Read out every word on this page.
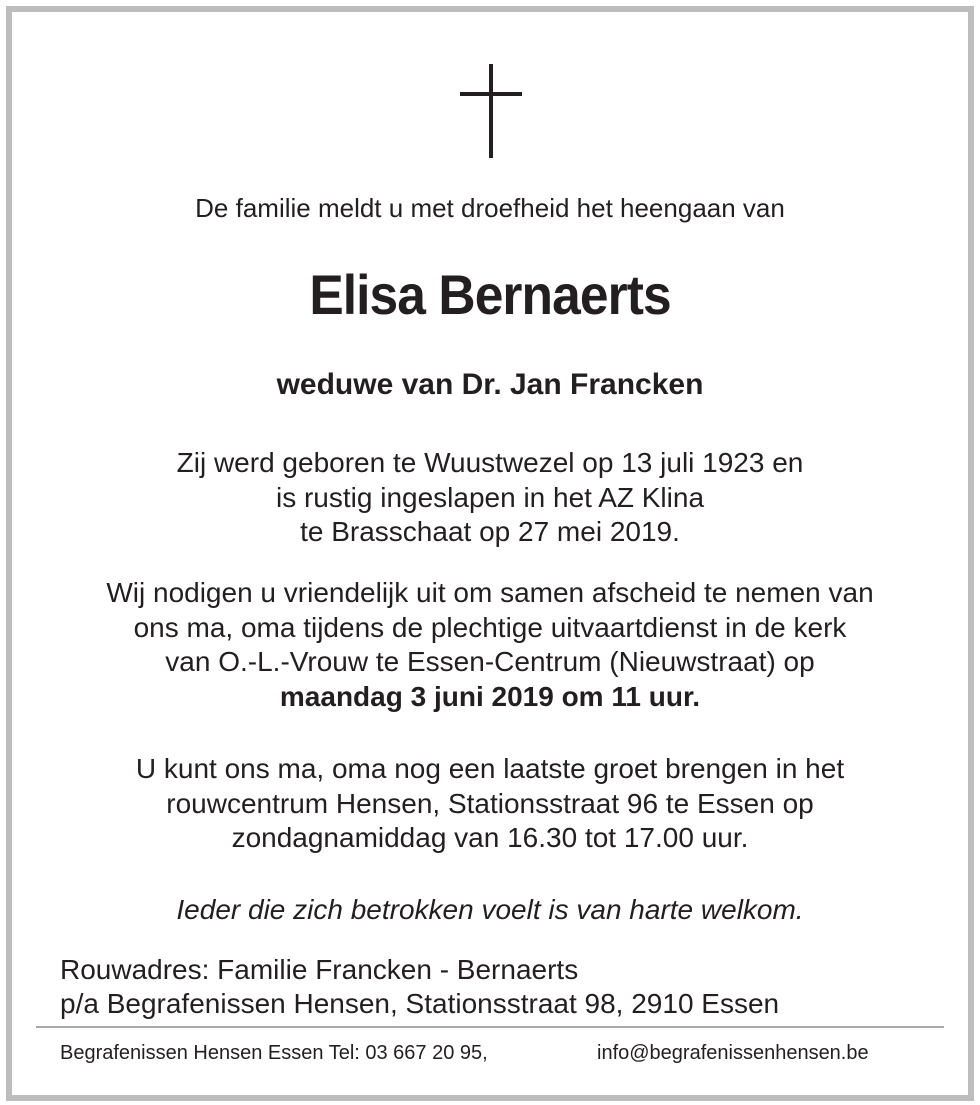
De familie meldt u met droefheid het heengaan van
Elisa Bernaerts
weduwe van Dr. Jan Francken
Zij werd geboren te Wuustwezel op 13 juli 1923 en
is rustig ingeslapen in het AZ Klina
te Brasschaat op 27 mei 2019.
Wij nodigen u vriendelijk uit om samen afscheid te nemen van
ons ma, oma tijdens de plechtige uitvaartdienst in de kerk
van O.-L.-Vrouw te Essen-Centrum (Nieuwstraat) op
maandag 3 juni 2019 om 11 uur.
U kunt ons ma, oma nog een laatste groet brengen in het
rouwcentrum Hensen, Stationsstraat 96 te Essen op
zondagnamiddag van 16.30 tot 17.00 uur.
Ieder die zich betrokken voelt is van harte welkom.
Rouwadres: Familie Francken - Bernaerts
p/a Begrafenissen Hensen, Stationsstraat 98, 2910 Essen
Begrafenissen Hensen Essen Tel: 03 667 20 95,	info@begrafenissenhensen.be
